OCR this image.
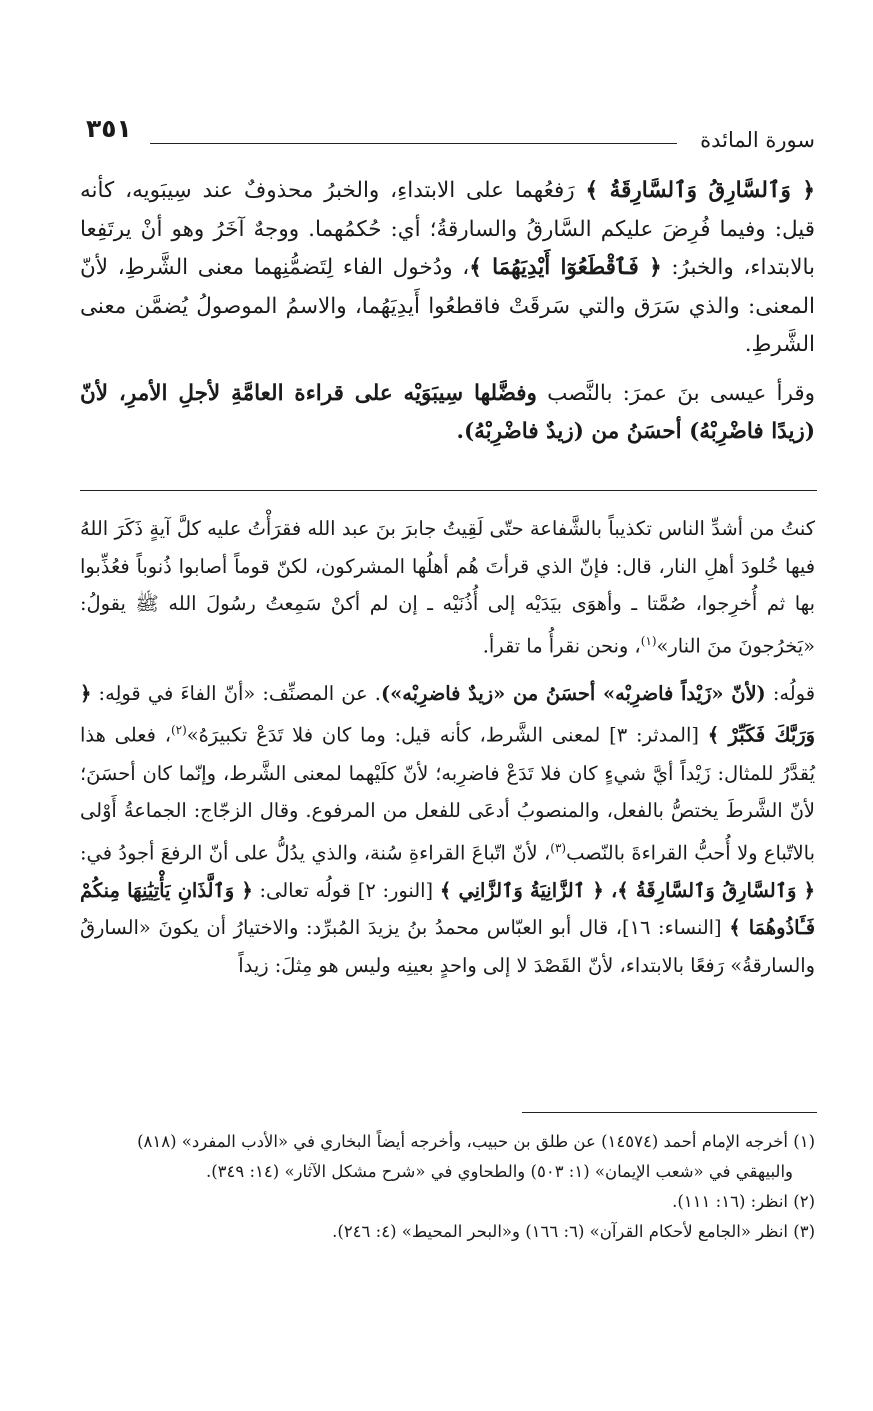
سورة المائدة
٣٥١

﴿ وَٱلسَّارِقُ وَٱلسَّارِقَةُ ﴾ رَفعُهما على الابتداءِ، والخبرُ محذوفٌ عند سِيبَويه، كأنه قيل: وفيما فُرِضَ عليكم السَّارقُ والسارقةُ؛ أي: حُكمُهما. ووجهٌ آخَرُ وهو أنْ يرتَفِعا بالابتداء، والخبرُ: ﴿ فَٱقْطَعُوٓا أَيْدِيَهُمَا ﴾، ودُخول الفاء لِتَضمُّنِهما معنى الشَّرطِ، لأنّ المعنى: والذي سَرَق والتي سَرقَتْ فاقطعُوا أَيدِيَهُما، والاسمُ الموصولُ يُضمَّن معنى الشَّرطِ.

وقرأ عيسى بنَ عمرَ: بالنَّصب وفضَّلها سِيبَوَيْه على قراءة العامَّةِ لأجلِ الأمرِ، لأنّ (زيدًا فاضْرِبْهُ) أحسَنُ من (زيدٌ فاضْرِبْهُ).

كنتُ من أشدِّ الناس تكذيباً بالشَّفاعة حتّى لَقِيتُ جابرَ بنَ عبد الله فقرَأْتُ عليه كلَّ آيةٍ ذَكَرَ اللهُ فيها خُلودَ أهلِ النار، قال: فإنّ الذي قرأتَ هُم أهلُها المشركون، لكنّ قوماً أصابوا ذُنوباً فعُذِّبوا بها ثم أُخرِجوا، صُمَّتا ـ وأهوَى بيَدَيْه إلى أُذُنَيْه ـ إن لم أكنْ سَمِعتُ رسُولَ الله ﷺ يقولُ: «يَخرُجونَ منَ النار»$^{(١)}$، ونحن نقرأُ ما تقرأ.

قولُه: (لأنّ «زَيْداً فاضرِبْه» أحسَنُ من «زيدٌ فاضرِبْه»). عن المصنِّف: «أنّ الفاءَ في قولِه: ﴿ وَرَبَّكَ فَكَبِّرْ ﴾ [المدثر: ٣] لمعنى الشَّرط، كأنه قيل: وما كان فلا تَدَعْ تكبيرَهُ»$^{(٢)}$، فعلى هذا يُقدَّرُ للمثال: زَيْداً أيَّ شيءٍ كان فلا تَدَعْ فاضرِبه؛ لأنّ كلَيْهما لمعنى الشَّرط، وإنّما كان أحسَنَ؛ لأنّ الشَّرطَ يختصُّ بالفعل، والمنصوبُ أدعَى للفعل من المرفوع. وقال الزجّاج: الجماعةُ أَوْلى بالاتّباع ولا أُحبُّ القراءةَ بالنّصب$^{(٣)}$، لأنّ اتّباعَ القراءةِ سُنة، والذي يدُلُّ على أنّ الرفعَ أجودُ في: ﴿ وَٱلسَّارِقُ وَٱلسَّارِقَةُ ﴾، ﴿ ٱلزَّانِيَةُ وَٱلزَّانِي ﴾ [النور: ٢] قولُه تعالى: ﴿ وَٱلَّذَانِ يَأْتِيَٰنِهَا مِنكُمْ فَـَٔاذُوهُمَا ﴾ [النساء: ١٦]، قال أبو العبّاس محمدُ بنُ يزيدَ المُبرِّد: والاختيارُ أن يكونَ «السارقُ والسارقةُ» رَفعًا بالابتداء، لأنّ القَصْدَ لا إلى واحدٍ بعينِه وليس هو مِثلَ: زيداً

(١) أخرجه الإمام أحمد (١٤٥٧٤) عن طلق بن حبيب، وأخرجه أيضاً البخاري في «الأدب المفرد» (٨١٨)

والبيهقي في «شعب الإيمان» (١: ٥٠٣) والطحاوي في «شرح مشكل الآثار» (١٤: ٣٤٩).

(٢) انظر: (١٦: ١١١).

(٣) انظر «الجامع لأحكام القرآن» (٦: ١٦٦) و«البحر المحيط» (٤: ٢٤٦).
